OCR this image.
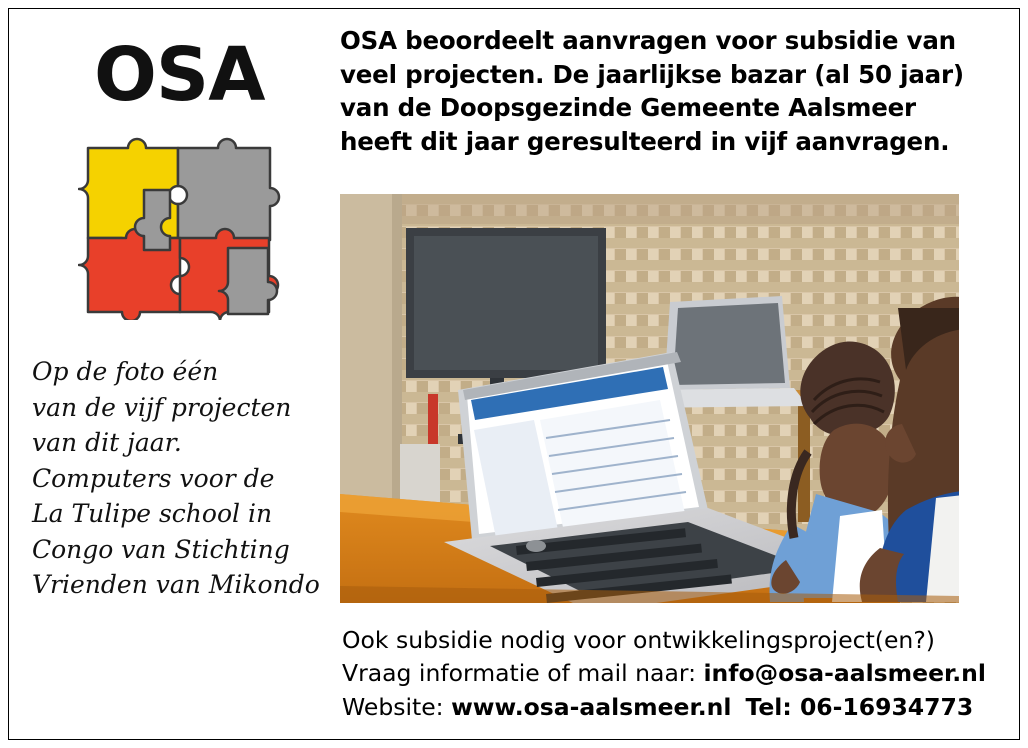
OSA
Op de foto één
van de vijf projecten
van dit jaar.
Computers voor de
La Tulipe school in
Congo van Stichting
Vrienden van Mikondo
OSA beoordeelt aanvragen voor subsidie van
veel projecten. De jaarlijkse bazar (al 50 jaar)
van de Doopsgezinde Gemeente Aalsmeer
heeft dit jaar geresulteerd in vijf aanvragen.
Ook subsidie nodig voor ontwikkelingsproject(en?)
Vraag informatie of mail naar: info@osa-aalsmeer.nl
Website: www.osa-aalsmeer.nl Tel: 06-16934773
